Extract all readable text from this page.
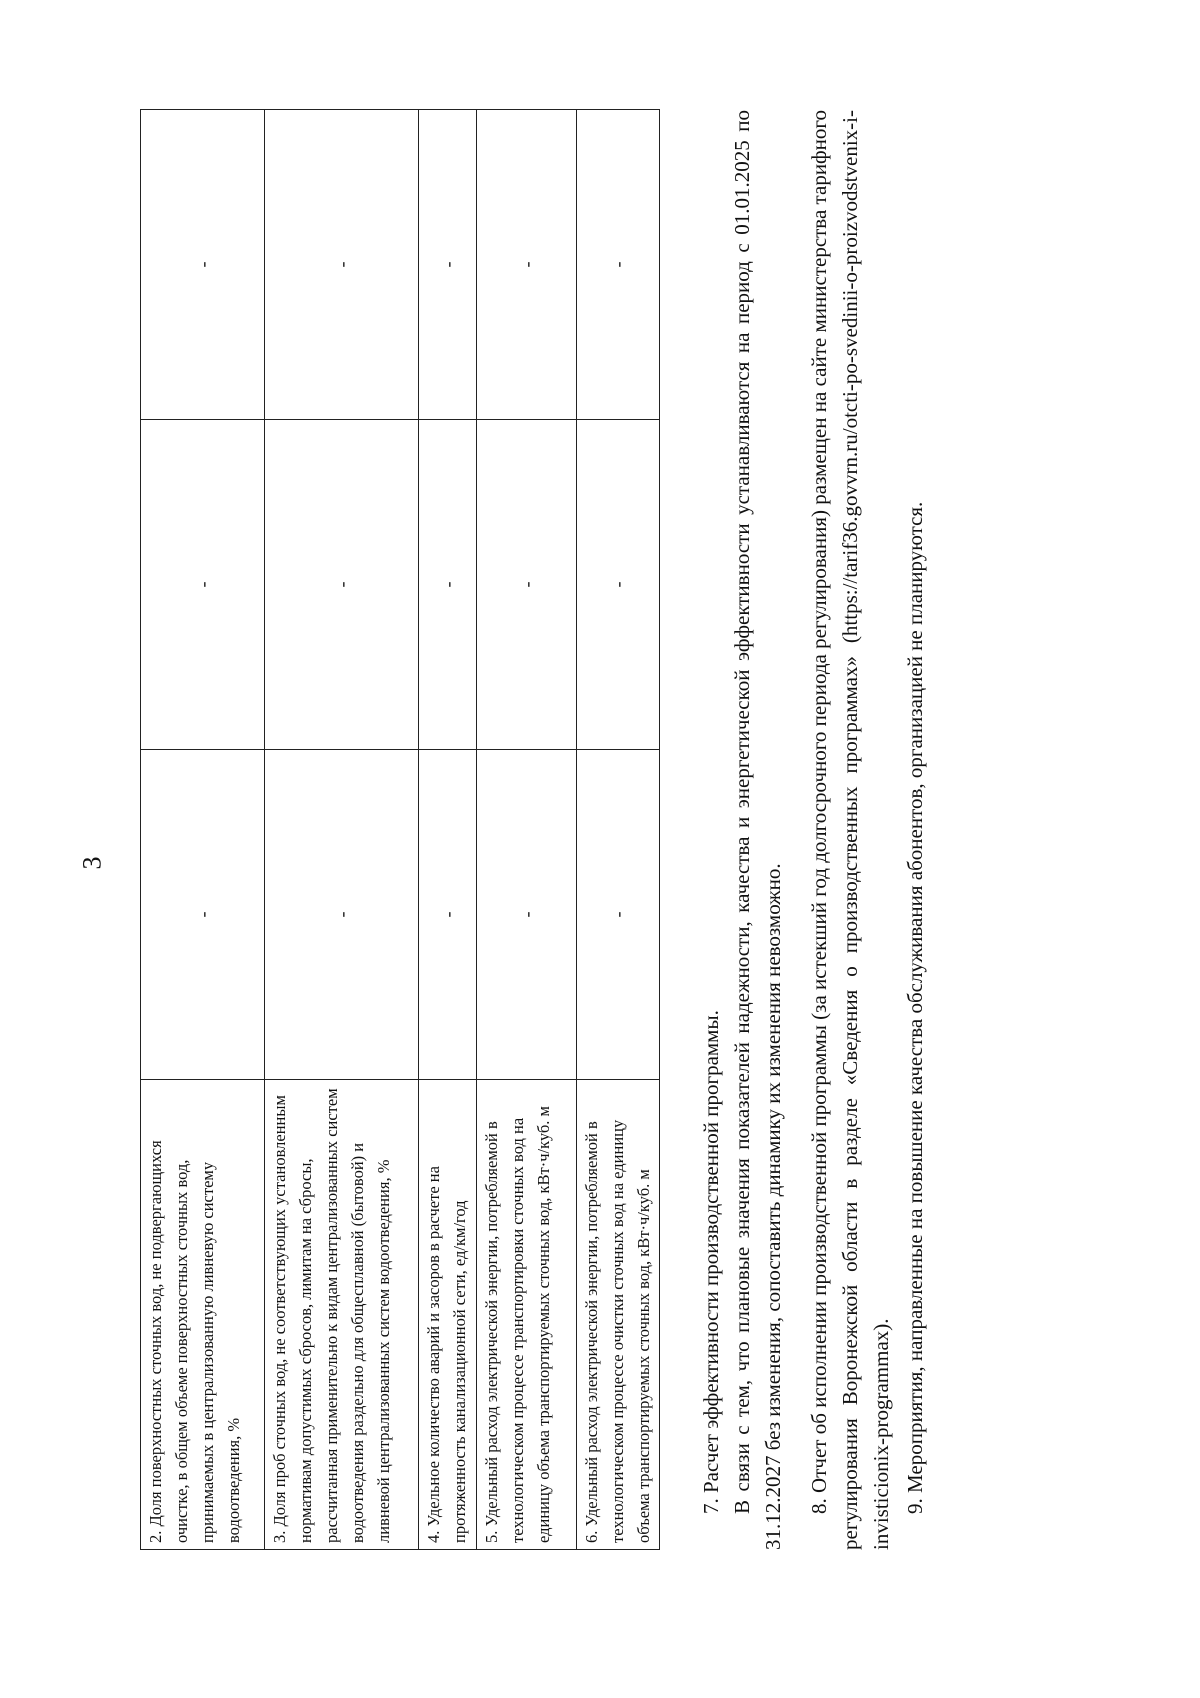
3
2. Доля поверхностных сточных вод, не подвергающихся очистке, в общем объеме поверхностных сточных вод, принимаемых в централизованную ливневую систему водоотведения, %	-	-	-
3. Доля проб сточных вод, не соответствующих установленным нормативам допустимых сбросов, лимитам на сбросы, рассчитанная применительно к видам централизованных систем водоотведения раздельно для общесплавной (бытовой) и ливневой централизованных систем водоотведения, %	-	-	-
4. Удельное количество аварий и засоров в расчете на протяженность канализационной сети, ед/км/год	-	-	-
5. Удельный расход электрической энергии, потребляемой в технологическом процессе транспортировки сточных вод на единицу объема транспортируемых сточных вод, кВт·ч/куб. м	-	-	-
6. Удельный расход электрической энергии, потребляемой в технологическом процессе очистки сточных вод на единицу объема транспортируемых сточных вод, кВт·ч/куб. м	-	-	-

7. Расчет эффективности производственной программы. В связи с тем, что плановые значения показателей надежности, качества и энергетической эффективности устанавливаются на период с 01.01.2025 по 31.12.2027 без изменения, сопоставить динамику их изменения невозможно. 8. Отчет об исполнении производственной программы (за истекший год долгосрочного периода регулирования) размещен на сайте министерства тарифного регулирования Воронежской области в разделе «Сведения о производственных программах» (https://tarif36.govvrn.ru/otcti-po-svedinii-o-proizvodstvenix-i-invisticionix-programmax). 9. Мероприятия, направленные на повышение качества обслуживания абонентов, организацией не планируются.
